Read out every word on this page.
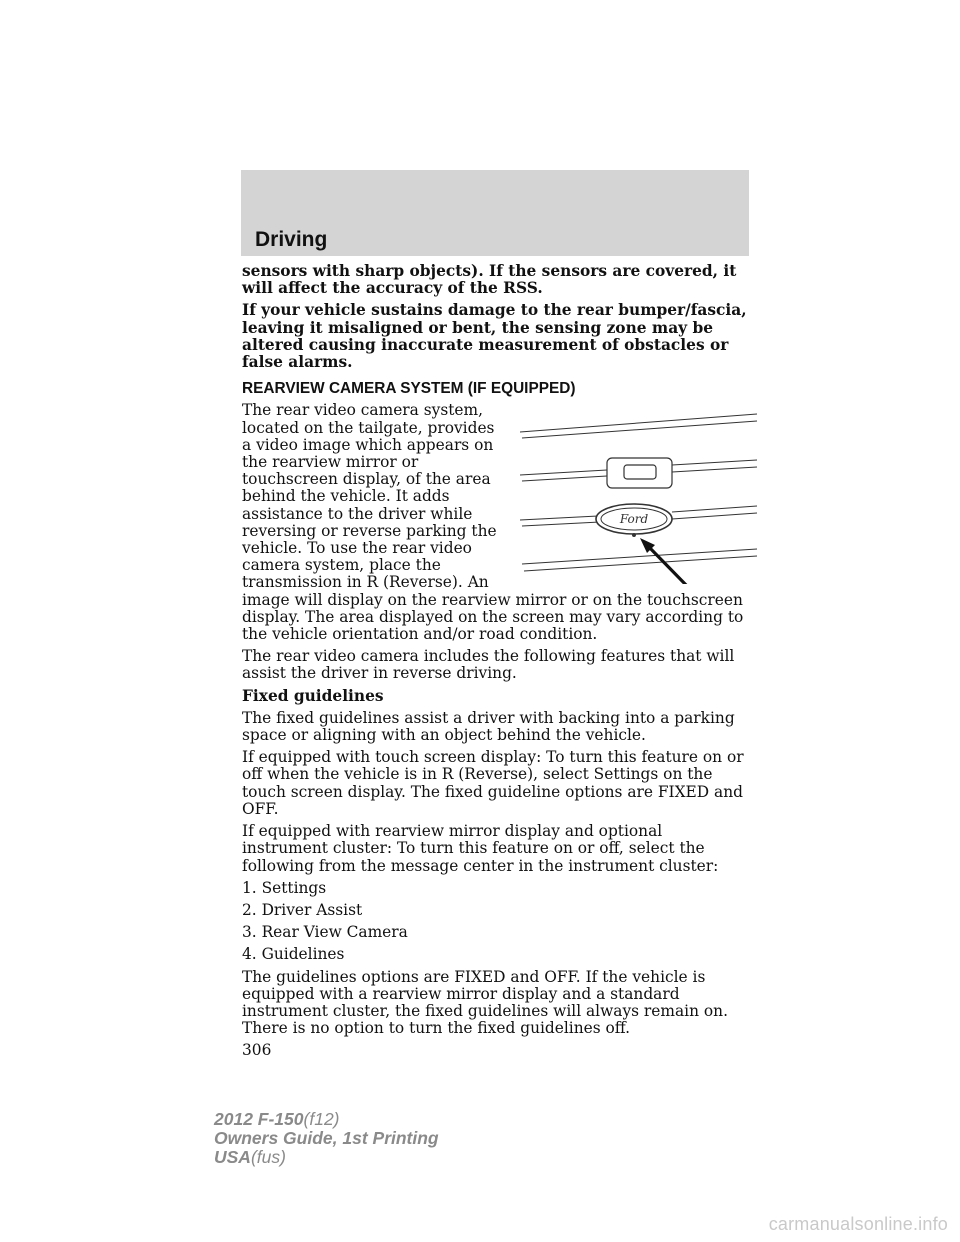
Driving

sensors with sharp objects). If the sensors are covered, it will affect the accuracy of the RSS.

If your vehicle sustains damage to the rear bumper/fascia, leaving it misaligned or bent, the sensing zone may be altered causing inaccurate measurement of obstacles or false alarms.

REARVIEW CAMERA SYSTEM (IF EQUIPPED)
Ford

The rear video camera system, located on the tailgate, provides a video image which appears on the rearview mirror or touchscreen display, of the area behind the vehicle. It adds assistance to the driver while reversing or reverse parking the vehicle. To use the rear video camera system, place the transmission in R (Reverse). An image will display on the rearview mirror or on the touchscreen display. The area displayed on the screen may vary according to the vehicle orientation and/or road condition.

The rear video camera includes the following features that will assist the driver in reverse driving.

Fixed guidelines

The fixed guidelines assist a driver with backing into a parking space or aligning with an object behind the vehicle.

If equipped with touch screen display: To turn this feature on or off when the vehicle is in R (Reverse), select Settings on the touch screen display. The fixed guideline options are FIXED and OFF.

If equipped with rearview mirror display and optional instrument cluster: To turn this feature on or off, select the following from the message center in the instrument cluster:

1. Settings

2. Driver Assist

3. Rear View Camera

4. Guidelines

The guidelines options are FIXED and OFF. If the vehicle is equipped with a rearview mirror display and a standard instrument cluster, the fixed guidelines will always remain on. There is no option to turn the fixed guidelines off.

306
2012 F-150(f12)
Owners Guide, 1st Printing
USA(fus)
carmanualsonline.info
